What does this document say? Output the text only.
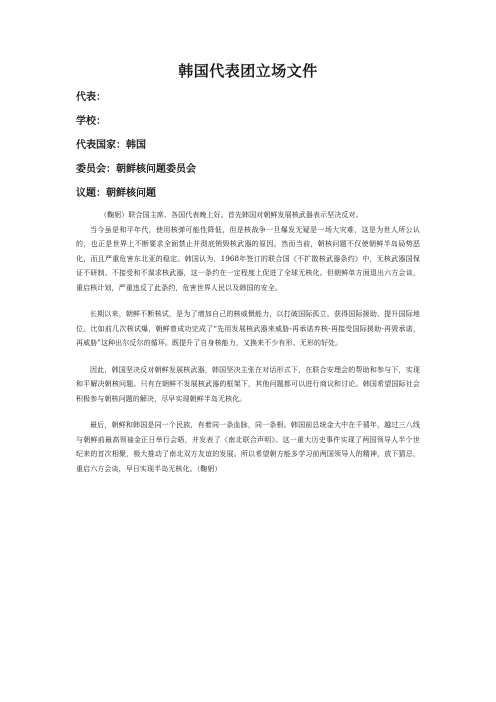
韩国代表团立场文件

代表：

学校：

代表国家：韩国

委员会：朝鲜核问题委员会

议题：朝鲜核问题

（鞠躬）联合国主席、各国代表晚上好。首先韩国对朝鲜发展核武器表示坚决反对。

当今虽是和平年代，使用核弹可能性降低，但是核战争一旦爆发无疑是一场大灾难，这是为世人所公认的，也正是世界上不断要求全面禁止并彻底销毁核武器的原因。然而当前，朝核问题不仅使朝鲜半岛局势恶化，而且严重危害东北亚的稳定。韩国认为，1968年签订的联合国《不扩散核武器条约》中，无核武器国保证不研制、不接受和不谋求核武器，这一条约在一定程度上促进了全球无核化。但朝鲜单方面退出六方会谈，重启核计划，严重违反了此条约，危害世界人民以及韩国的安全。

长期以来，朝鲜不断核试，是为了增加自己的核威慑能力，以打破国际孤立、获得国际援助、提升国际地位。比如前几次核试爆，朝鲜曾成功完成了“先用发展核武器来威胁-再承诺弃核-再接受国际援助-再毁承诺，再威胁”这种出尔反尔的循环。既提升了自身核能力，又换来不少有形、无形的好处。

因此，韩国坚决反对朝鲜发展核武器，韩国坚决主张在对话形式下，在联合安理会的帮助和参与下，实现和平解决朝核问题。只有在朝鲜不发展核武器的框架下，其他问题都可以进行商议和讨论。韩国希望国际社会积极参与朝核问题的解决，尽早实现朝鲜半岛无核化。

最后，朝鲜和韩国是同一个民族，有着同一条血脉，同一条根。韩国前总统金大中在千禧年，越过三八线与朝鲜前最高领袖金正日举行会晤，并发表了《南北联合声明》。这一重大历史事件实现了两国领导人半个世纪来的首次相聚，极大推动了南北双方友谊的发展。所以希望朝方能多学习前两国领导人的精神，放下猜忌，重启六方会谈，早日实现半岛无核化。（鞠躬）
